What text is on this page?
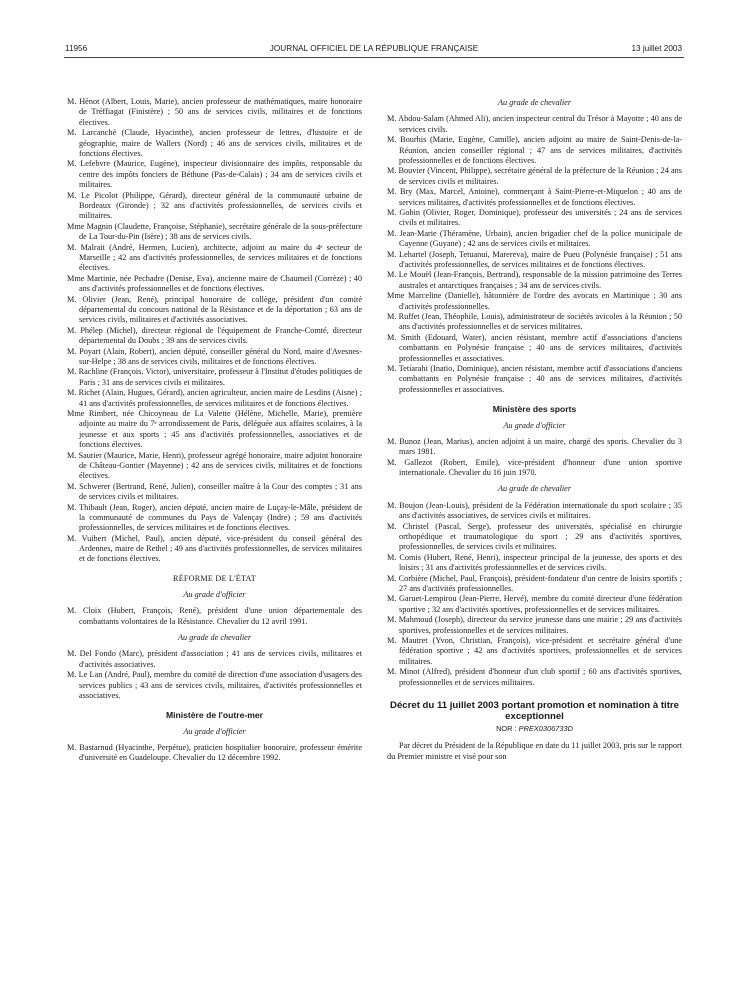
11956	JOURNAL OFFICIEL DE LA RÉPUBLIQUE FRANÇAISE	13 juillet 2003
M. Hénot (Albert, Louis, Marie), ancien professeur de mathématiques, maire honoraire de Tréffiagat (Finistère) ; 50 ans de services civils, militaires et de fonctions électives.
M. Larcanché (Claude, Hyacinthe), ancien professeur de lettres, d'histoire et de géographie, maire de Wallers (Nord) ; 46 ans de services civils, militaires et de fonctions électives.
M. Lefebvre (Maurice, Eugène), inspecteur divisionnaire des impôts, responsable du centre des impôts fonciers de Béthune (Pas-de-Calais) ; 34 ans de services civils et militaires.
M. Le Picolot (Philippe, Gérard), directeur général de la communauté urbaine de Bordeaux (Gironde) ; 32 ans d'activités professionnelles, de services civils et militaires.
Mme Magnin (Claudette, Françoise, Stéphanie), secrétaire générale de la sous-préfecture de La Tour-du-Pin (Isère) ; 38 ans de services civils.
M. Malrait (André, Hermen, Lucien), architecte, adjoint au maire du 4ᵉ secteur de Marseille ; 42 ans d'activités professionnelles, de services militaires et de fonctions électives.
Mme Martinie, née Pechadre (Denise, Eva), ancienne maire de Chaumeil (Corrèze) ; 40 ans d'activités professionnelles et de fonctions électives.
M. Olivier (Jean, René), principal honoraire de collège, président d'un comité départemental du concours national de la Résistance et de la déportation ; 63 ans de services civils, militaires et d'activités associatives.
M. Phélep (Michel), directeur régional de l'équipement de Franche-Comté, directeur départemental du Doubs ; 39 ans de services civils.
M. Poyart (Alain, Robert), ancien député, conseiller général du Nord, maire d'Avesnes-sur-Helpe ; 38 ans de services civils, militaires et de fonctions électives.
M. Rachline (François, Victor), universitaire, professeur à l'Institut d'études politiques de Paris ; 31 ans de services civils et militaires.
M. Richet (Alain, Hugues, Gérard), ancien agriculteur, ancien maire de Lesdins (Aisne) ; 41 ans d'activités professionnelles, de services militaires et de fonctions électives.
Mme Rimbert, née Chicoyneau de La Valette (Hélène, Michelle, Marie), première adjointe au maire du 7ᵉ arrondissement de Paris, déléguée aux affaires scolaires, à la jeunesse et aux sports ; 45 ans d'activités professionnelles, associatives et de fonctions électives.
M. Sautier (Maurice, Marie, Henri), professeur agrégé honoraire, maire adjoint honoraire de Château-Gontier (Mayenne) ; 42 ans de services civils, militaires et de fonctions électives.
M. Schwerer (Bertrand, René, Julien), conseiller maître à la Cour des comptes ; 31 ans de services civils et militaires.
M. Thibault (Jean, Roger), ancien député, ancien maire de Luçay-le-Mâle, président de la communauté de communes du Pays de Valençay (Indre) ; 59 ans d'activités professionnelles, de services militaires et de fonctions électives.
M. Vuibert (Michel, Paul), ancien député, vice-président du conseil général des Ardennes, maire de Rethel ; 49 ans d'activités professionnelles, de services militaires et de fonctions électives.
RÉFORME DE L'ÉTAT
Au grade d'officier
M. Cloix (Hubert, François, René), président d'une union départementale des combattants volontaires de la Résistance. Chevalier du 12 avril 1991.
Au grade de chevalier
M. Del Fondo (Marc), président d'association ; 41 ans de services civils, militaires et d'activités associatives.
M. Le Lan (André, Paul), membre du comité de direction d'une association d'usagers des services publics ; 43 ans de services civils, militaires, d'activités professionnelles et associatives.
Ministère de l'outre-mer
Au grade d'officier
M. Bastarnud (Hyacinthe, Perpétue), praticien hospitalier honoraire, professeur émérite d'université en Guadeloupe. Chevalier du 12 décembre 1992.
Au grade de chevalier
M. Abdou-Salam (Ahmed Ali), ancien inspecteur central du Trésor à Mayotte ; 40 ans de services civils.
M. Bourhis (Marie, Eugène, Camille), ancien adjoint au maire de Saint-Denis-de-la-Réunion, ancien conseiller régional ; 47 ans de services militaires, d'activités professionnelles et de fonctions électives.
M. Bouvier (Vincent, Philippe), secrétaire général de la préfecture de la Réunion ; 24 ans de services civils et militaires.
M. Bry (Max, Marcel, Antoine), commerçant à Saint-Pierre-et-Miquelon ; 40 ans de services militaires, d'activités professionnelles et de fonctions électives.
M. Gobin (Olivier, Roger, Dominique), professeur des universités ; 24 ans de services civils et militaires.
M. Jean-Marie (Théramène, Urbain), ancien brigadier chef de la police municipale de Cayenne (Guyane) ; 42 ans de services civils et militaires.
M. Lehartel (Joseph, Tetuanui, Marereva), maire de Pueu (Polynésie française) ; 51 ans d'activités professionnelles, de services militaires et de fonctions électives.
M. Le Mouël (Jean-François, Bertrand), responsable de la mission patrimoine des Terres australes et antarctiques françaises ; 34 ans de services civils.
Mme Marceline (Danielle), bâtonnière de l'ordre des avocats en Martinique ; 30 ans d'activités professionnelles.
M. Ruffet (Jean, Théophile, Louis), administrateur de sociétés avicoles à la Réunion ; 50 ans d'activités professionnelles et de services militaires.
M. Smith (Edouard, Water), ancien résistant, membre actif d'associations d'anciens combattants en Polynésie française ; 40 ans de services militaires, d'activités professionnelles et associatives.
M. Tetiarahi (Inatio, Dominique), ancien résistant, membre actif d'associations d'anciens combattants en Polynésie française ; 40 ans de services militaires, d'activités professionnelles et associatives.
Ministère des sports
Au grade d'officier
M. Bunoz (Jean, Marius), ancien adjoint à un maire, chargé des sports. Chevalier du 3 mars 1981.
M. Gallezot (Robert, Emile), vice-président d'honneur d'une union sportive internationale. Chevalier du 16 juin 1970.
Au grade de chevalier
M. Boujon (Jean-Louis), président de la Fédération internationale du sport scolaire ; 35 ans d'activités associatives, de services civils et militaires.
M. Christel (Pascal, Serge), professeur des universités, spécialisé en chirurgie orthopédique et traumatologique du sport ; 29 ans d'activités sportives, professionnelles, de services civils et militaires.
M. Comis (Hubert, René, Henri), inspecteur principal de la jeunesse, des sports et des loisirs ; 31 ans d'activités professionnelles et de services civils.
M. Corbière (Michel, Paul, François), président-fondateur d'un centre de loisirs sportifs ; 27 ans d'activités professionnelles.
M. Garuet-Lempirou (Jean-Pierre, Hervé), membre du comité directeur d'une fédération sportive ; 32 ans d'activités sportives, professionnelles et de services militaires.
M. Mahmoud (Joseph), directeur du service jeunesse dans une mairie ; 29 ans d'activités sportives, professionnelles et de services militaires.
M. Mautret (Yvon, Christian, François), vice-président et secrétaire général d'une fédération sportive ; 42 ans d'activités sportives, professionnelles et de services militaires.
M. Minot (Alfred), président d'honneur d'un club sportif ; 60 ans d'activités sportives, professionnelles et de services militaires.
Décret du 11 juillet 2003 portant promotion et nomination à titre exceptionnel
NOR : PREX0306733D
Par décret du Président de la République en date du 11 juillet 2003, pris sur le rapport du Premier ministre et visé pour son
